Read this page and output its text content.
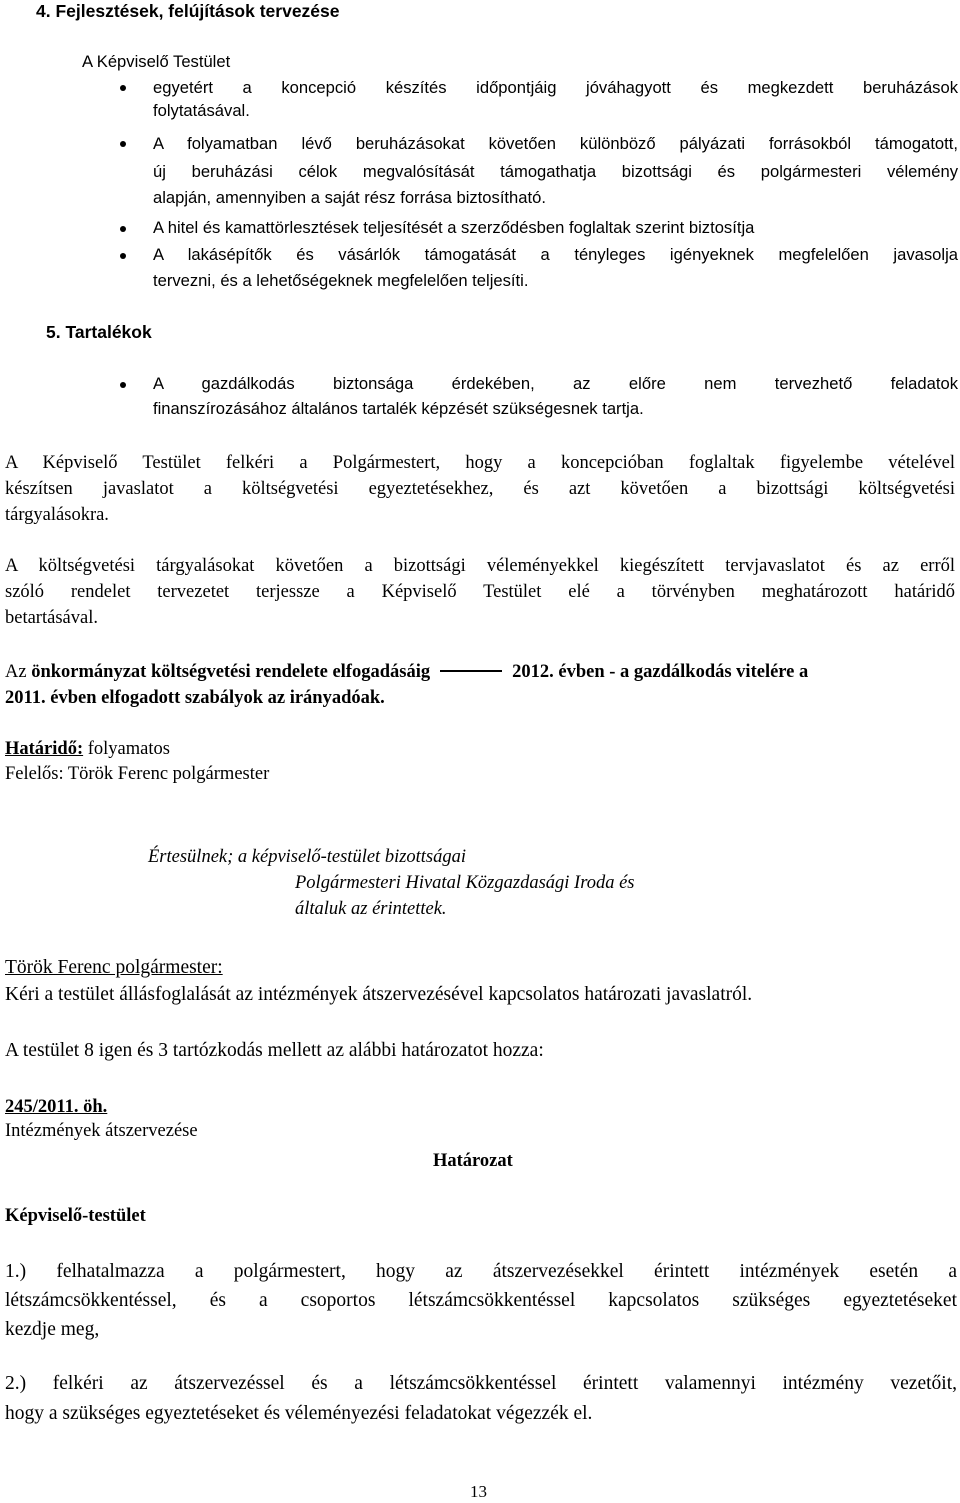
4. Fejlesztések, felújítások tervezése
A Képviselő Testület
egyetért a koncepció készítés időpontjáig jóváhagyott és megkezdett beruházások
folytatásával.
A folyamatban lévő beruházásokat követően különböző pályázati forrásokból támogatott,
új beruházási célok megvalósítását támogathatja bizottsági és polgármesteri vélemény
alapján, amennyiben a saját rész forrása biztosítható.
A hitel és kamattörlesztések teljesítését a szerződésben foglaltak szerint biztosítja
A lakásépítők és vásárlók támogatását a tényleges igényeknek megfelelően javasolja
tervezni, és a lehetőségeknek megfelelően teljesíti.
5. Tartalékok
A gazdálkodás biztonsága érdekében, az előre nem tervezhető feladatok
finanszírozásához általános tartalék képzését szükségesnek tartja.
A Képviselő Testület felkéri a Polgármestert, hogy a koncepcióban foglaltak figyelembe vételével
készítsen javaslatot a költségvetési egyeztetésekhez, és azt követően a bizottsági költségvetési
tárgyalásokra.
A költségvetési tárgyalásokat követően a bizottsági véleményekkel kiegészített tervjavaslatot és az erről
szóló rendelet tervezetet terjessze a Képviselő Testület elé a törvényben meghatározott határidő
betartásával.
Az önkormányzat költségvetési rendelete elfogadásáig	2012. évben - a gazdálkodás vitelére a
2011. évben elfogadott szabályok az irányadóak.
Határidő: folyamatos
Felelős: Török Ferenc polgármester
Értesülnek; a képviselő-testület bizottságai
Polgármesteri Hivatal Közgazdasági Iroda és
általuk az érintettek.
Török Ferenc polgármester:
Kéri a testület állásfoglalását az intézmények átszervezésével kapcsolatos határozati javaslatról.
A testület 8 igen és 3 tartózkodás mellett az alábbi határozatot hozza:
245/2011. öh.
Intézmények átszervezése
Határozat
Képviselő-testület
1.) felhatalmazza a polgármestert, hogy az átszervezésekkel érintett intézmények esetén a
létszámcsökkentéssel, és a csoportos létszámcsökkentéssel kapcsolatos szükséges egyeztetéseket
kezdje meg,
2.) felkéri az átszervezéssel és a létszámcsökkentéssel érintett valamennyi intézmény vezetőit,
hogy a szükséges egyeztetéseket és véleményezési feladatokat végezzék el.
13
